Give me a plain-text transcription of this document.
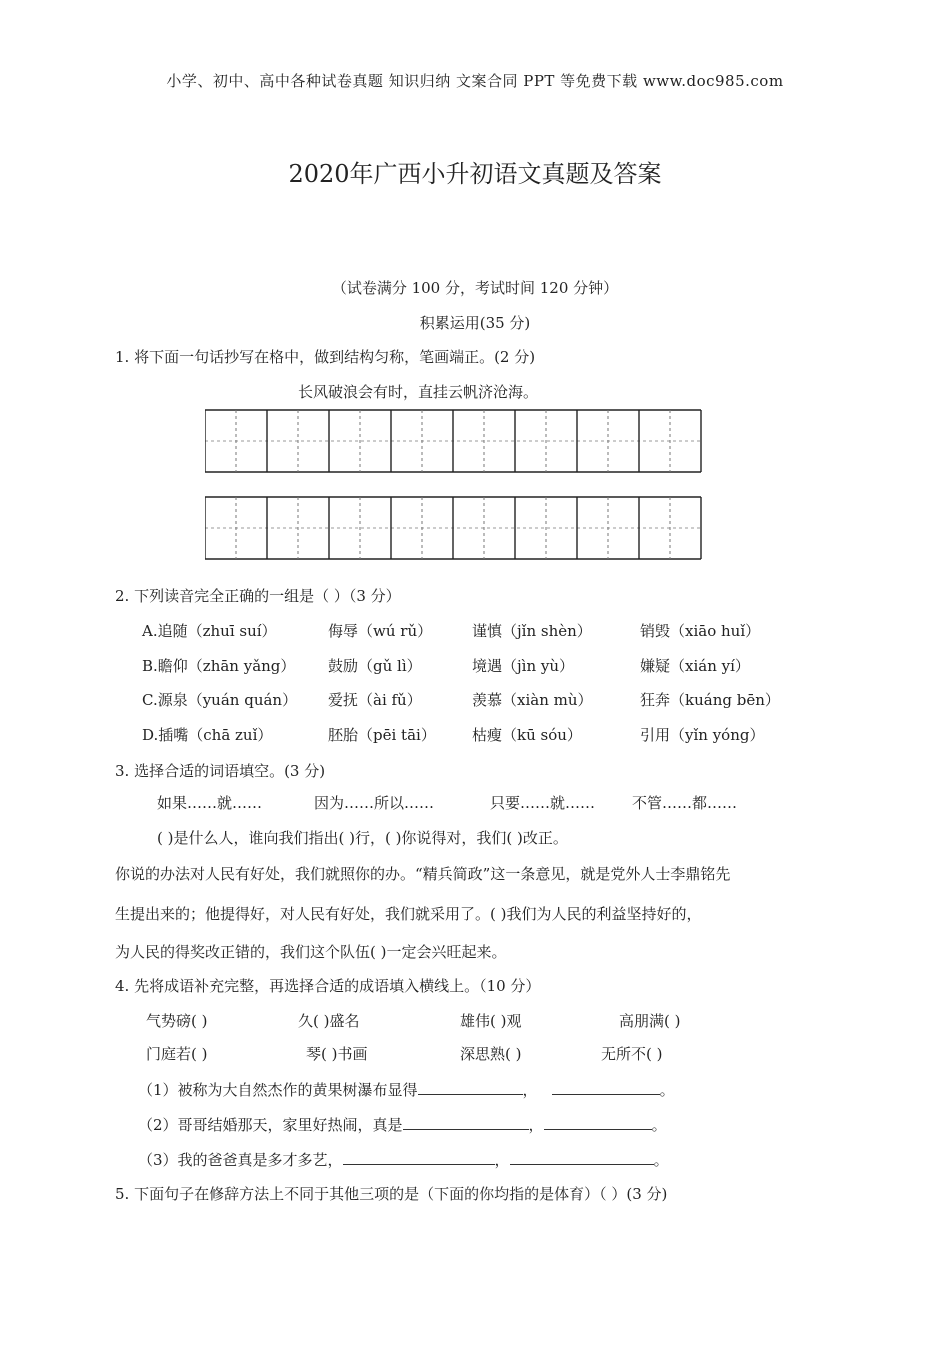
小学、初中、高中各种试卷真题 知识归纳 文案合同 PPT 等免费下载 www.doc985.com
2020年广西小升初语文真题及答案
（试卷满分 100 分，考试时间 120 分钟）
积累运用(35 分)
1. 将下面一句话抄写在格中，做到结构匀称，笔画端正。(2 分)
长风破浪会有时，直挂云帆济沧海。
2. 下列读音完全正确的一组是（ ）（3 分）
A.追随（zhuī suí）	侮辱（wú rǔ）	谨慎（jǐn shèn）	销毁（xiāo huǐ）
B.瞻仰（zhān yǎng） 鼓励（gǔ lì）	境遇（jìn yù）	嫌疑（xián yí）
C.源泉（yuán quán） 爱抚（ài fǔ）	羡慕（xiàn mù）	狂奔（kuáng bēn）
D.插嘴（chā zuǐ）	胚胎（pēi tāi） 枯瘦（kū sóu）	引用（yǐn yóng）
3. 选择合适的词语填空。(3 分)
如果……就……	因为……所以……	只要……就…… 不管……都……
( )是什么人，谁向我们指出( )行，( )你说得对，我们( )改正。
你说的办法对人民有好处，我们就照你的办。“精兵简政”这一条意见，就是党外人士李鼎铭先
生提出来的；他提得好，对人民有好处，我们就采用了。( )我们为人民的利益坚持好的，
为人民的得奖改正错的，我们这个队伍( )一定会兴旺起来。
4. 先将成语补充完整，再选择合适的成语填入横线上。（10 分）
气势磅( )	久( )盛名	雄伟( )观	高朋满( )
门庭若( )	琴( )书画	深思熟( )	无所不( )
（1）被称为大自然杰作的黄果树瀑布显得	，	。
（2）哥哥结婚那天，家里好热闹，真是	，	。
（3）我的爸爸真是多才多艺，	，	。
5. 下面句子在修辞方法上不同于其他三项的是（下面的你均指的是体育）（ ）(3 分)
